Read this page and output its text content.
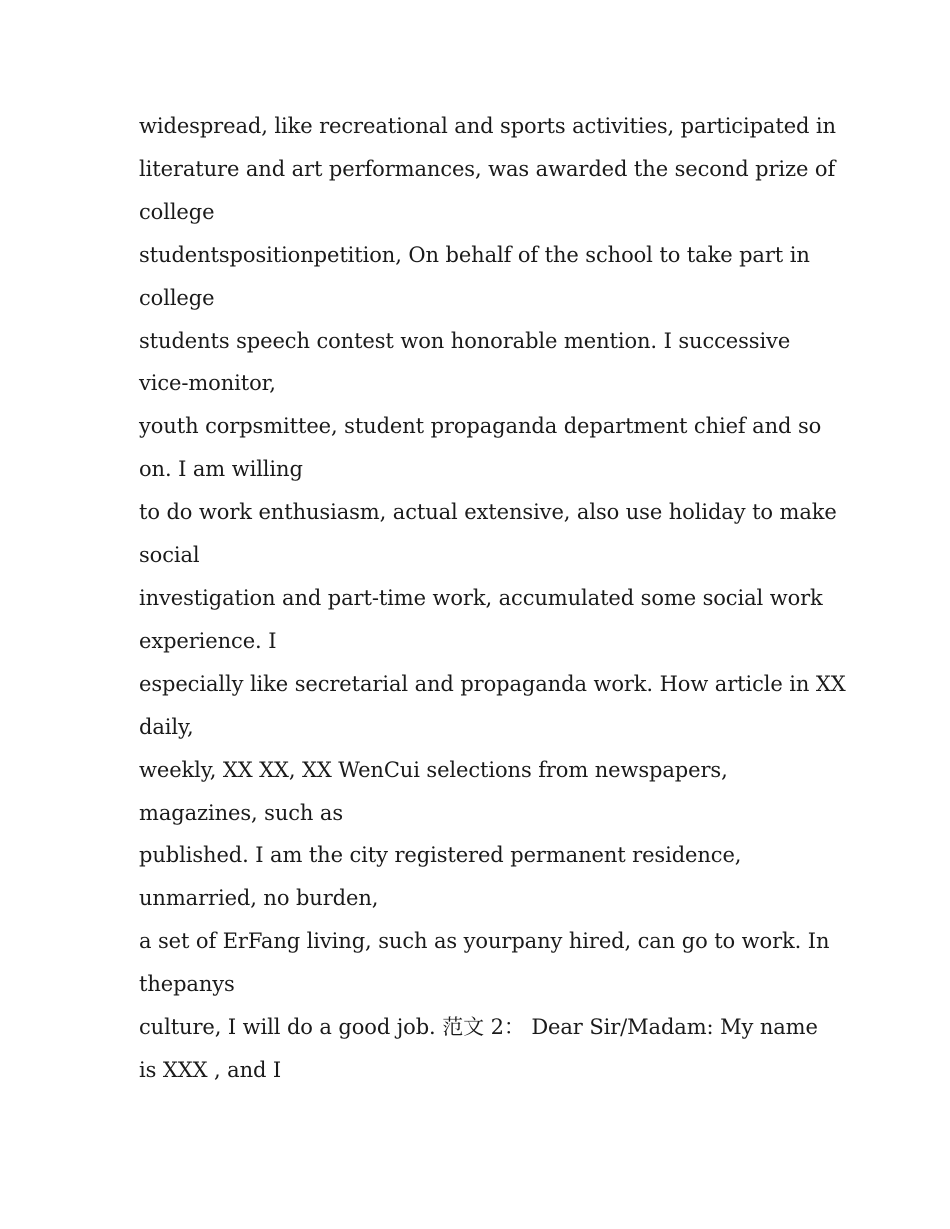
widespread, like recreational and sports activities, participated in
literature and art performances, was awarded the second prize of
college
studentspositionpetition, On behalf of the school to take part in
college
students speech contest won honorable mention. I successive
vice-monitor,
youth corpsmittee, student propaganda department chief and so
on. I am willing
to do work enthusiasm, actual extensive, also use holiday to make
social
investigation and part-time work, accumulated some social work
experience. I
especially like secretarial and propaganda work. How article in XX
daily,
weekly, XX XX, XX WenCui selections from newspapers,
magazines, such as
published. I am the city registered permanent residence,
unmarried, no burden,
a set of ErFang living, such as yourpany hired, can go to work. In
thepanys
culture, I will do a good job. 范文 2： Dear Sir/Madam: My name
is XXX , and I
